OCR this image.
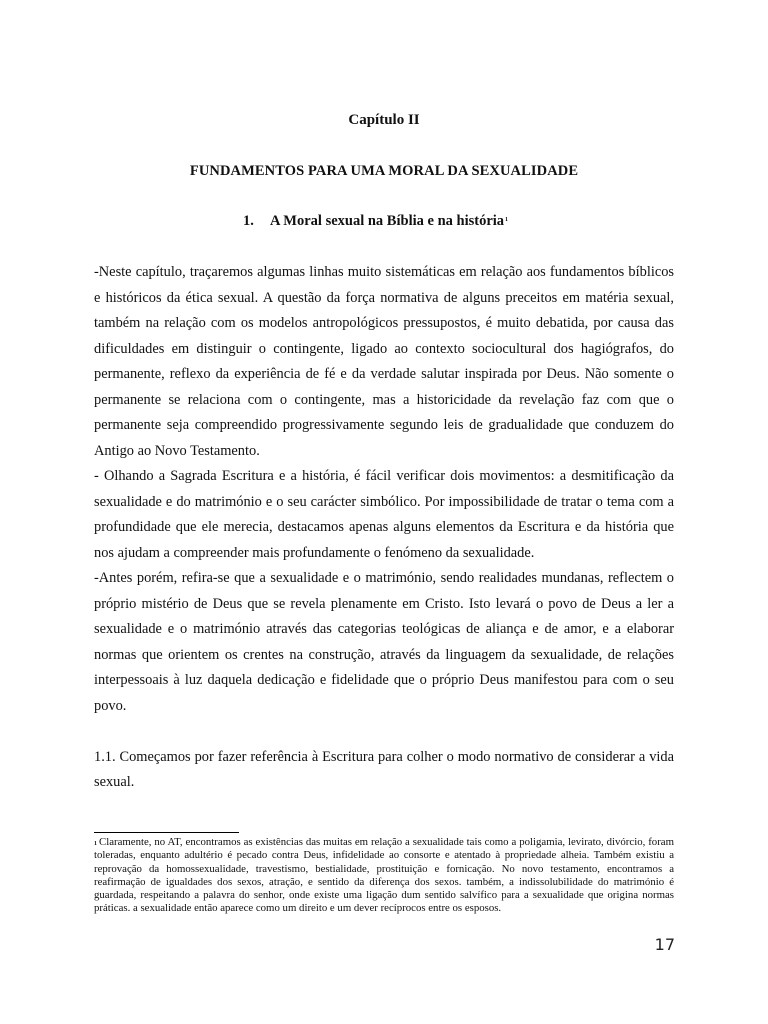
Capítulo II
FUNDAMENTOS PARA UMA MORAL DA SEXUALIDADE
1. A Moral sexual na Bíblia e na história$^1$

-Neste capítulo, traçaremos algumas linhas muito sistemáticas em relação aos fundamentos bíblicos e históricos da ética sexual. A questão da força normativa de alguns preceitos em matéria sexual, também na relação com os modelos antropológicos pressupostos, é muito debatida, por causa das dificuldades em distinguir o contingente, ligado ao contexto sociocultural dos hagiógrafos, do permanente, reflexo da experiência de fé e da verdade salutar inspirada por Deus. Não somente o permanente se relaciona com o contingente, mas a historicidade da revelação faz com que o permanente seja compreendido progressivamente segundo leis de gradualidade que conduzem do Antigo ao Novo Testamento.

- Olhando a Sagrada Escritura e a história, é fácil verificar dois movimentos: a desmitificação da sexualidade e do matrimónio e o seu carácter simbólico. Por impossibilidade de tratar o tema com a profundidade que ele merecia, destacamos apenas alguns elementos da Escritura e da história que nos ajudam a compreender mais profundamente o fenómeno da sexualidade.

-Antes porém, refira-se que a sexualidade e o matrimónio, sendo realidades mundanas, reflectem o próprio mistério de Deus que se revela plenamente em Cristo. Isto levará o povo de Deus a ler a sexualidade e o matrimónio através das categorias teológicas de aliança e de amor, e a elaborar normas que orientem os crentes na construção, através da linguagem da sexualidade, de relações interpessoais à luz daquela dedicação e fidelidade que o próprio Deus manifestou para com o seu povo.

1.1. Começamos por fazer referência à Escritura para colher o modo normativo de considerar a vida sexual.

$^1$ Claramente, no AT, encontramos as existências das muitas em relação a sexualidade tais como a poligamia, levirato, divórcio, foram toleradas, enquanto adultério é pecado contra Deus, infidelidade ao consorte e atentado à propriedade alheia. Também existiu a reprovação da homossexualidade, travestismo, bestialidade, prostituição e fornicação. No novo testamento, encontramos a reafirmação de igualdades dos sexos, atração, e sentido da diferença dos sexos. também, a indissolubilidade do matrimónio é guardada, respeitando a palavra do senhor, onde existe uma ligação dum sentido salvífico para a sexualidade que origina normas práticas. a sexualidade então aparece como um direito e um dever recíprocos entre os esposos.
17
